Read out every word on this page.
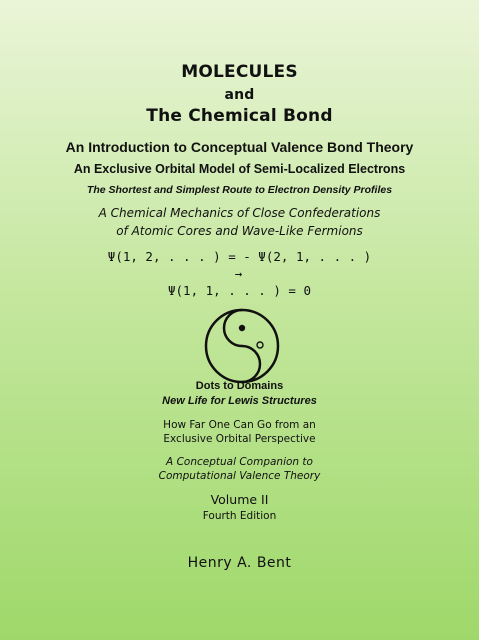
MOLECULES
and
The Chemical Bond
An Introduction to Conceptual Valence Bond Theory
An Exclusive Orbital Model of Semi-Localized Electrons
The Shortest and Simplest Route to Electron Density Profiles
A Chemical Mechanics of Close Confederations
of Atomic Cores and Wave-Like Fermions
Ψ(1, 2, . . . ) = - Ψ(2, 1, . . . )
→
Ψ(1, 1, . . . ) = 0
Dots to Domains
New Life for Lewis Structures
How Far One Can Go from an
Exclusive Orbital Perspective
A Conceptual Companion to
Computational Valence Theory
Volume II
Fourth Edition
Henry A. Bent
